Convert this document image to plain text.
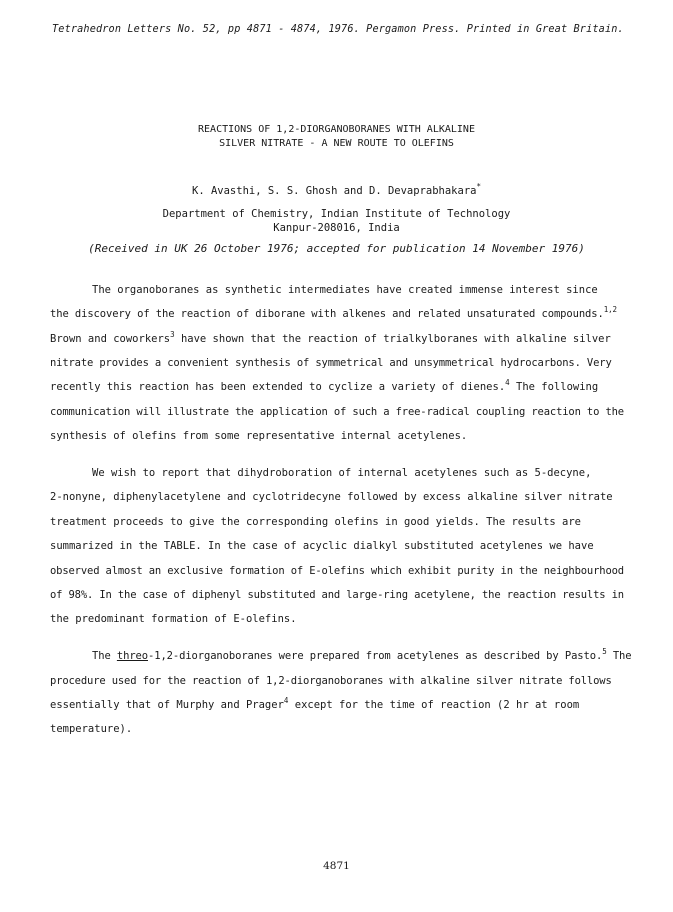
Tetrahedron Letters No. 52, pp 4871 - 4874, 1976. Pergamon Press. Printed in Great Britain.
REACTIONS OF 1,2-DIORGANOBORANES WITH ALKALINE
SILVER NITRATE - A NEW ROUTE TO OLEFINS
K. Avasthi, S. S. Ghosh and D. Devaprabhakara*
Department of Chemistry, Indian Institute of Technology
Kanpur-208016, India
(Received in UK 26 October 1976; accepted for publication 14 November 1976)
The organoboranes as synthetic intermediates have created immense interest since
the discovery of the reaction of diborane with alkenes and related unsaturated compounds.$^{1,2}$
Brown and coworkers$^3$ have shown that the reaction of trialkylboranes with alkaline silver
nitrate provides a convenient synthesis of symmetrical and unsymmetrical hydrocarbons. Very
recently this reaction has been extended to cyclize a variety of dienes.$^4$ The following
communication will illustrate the application of such a free-radical coupling reaction to the
synthesis of olefins from some representative internal acetylenes.
We wish to report that dihydroboration of internal acetylenes such as 5-decyne,
2-nonyne, diphenylacetylene and cyclotridecyne followed by excess alkaline silver nitrate
treatment proceeds to give the corresponding olefins in good yields. The results are
summarized in the TABLE. In the case of acyclic dialkyl substituted acetylenes we have
observed almost an exclusive formation of E-olefins which exhibit purity in the neighbourhood
of 98%. In the case of diphenyl substituted and large-ring acetylene, the reaction results in
the predominant formation of E-olefins.
The threo-1,2-diorganoboranes were prepared from acetylenes as described by Pasto.$^5$ The
procedure used for the reaction of 1,2-diorganoboranes with alkaline silver nitrate follows
essentially that of Murphy and Prager$^4$ except for the time of reaction (2 hr at room
temperature).
4871
